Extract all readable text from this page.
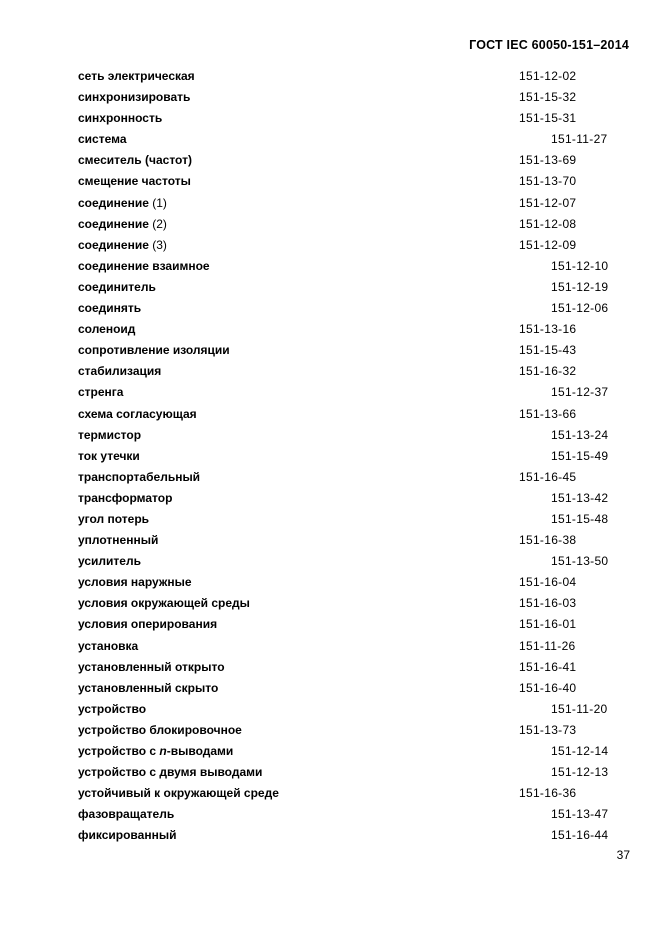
ГОСТ IEC 60050-151–2014
сеть электрическая	151-12-02
синхронизировать	151-15-32
синхронность	151-15-31
система	151-11-27
смеситель (частот)	151-13-69
смещение частоты	151-13-70
соединение (1)	151-12-07
соединение (2)	151-12-08
соединение (3)	151-12-09
соединение взаимное	151-12-10
соединитель	151-12-19
соединять	151-12-06
соленоид	151-13-16
сопротивление изоляции	151-15-43
стабилизация	151-16-32
стренга	151-12-37
схема согласующая	151-13-66
термистор	151-13-24
ток утечки	151-15-49
транспортабельный	151-16-45
трансформатор	151-13-42
угол потерь	151-15-48
уплотненный	151-16-38
усилитель	151-13-50
условия наружные	151-16-04
условия окружающей среды	151-16-03
условия оперирования	151-16-01
установка	151-11-26
установленный открыто	151-16-41
установленный скрыто	151-16-40
устройство	151-11-20
устройство блокировочное	151-13-73
устройство с n-выводами	151-12-14
устройство с двумя выводами	151-12-13
устойчивый к окружающей среде	151-16-36
фазовращатель	151-13-47
фиксированный	151-16-44
37
